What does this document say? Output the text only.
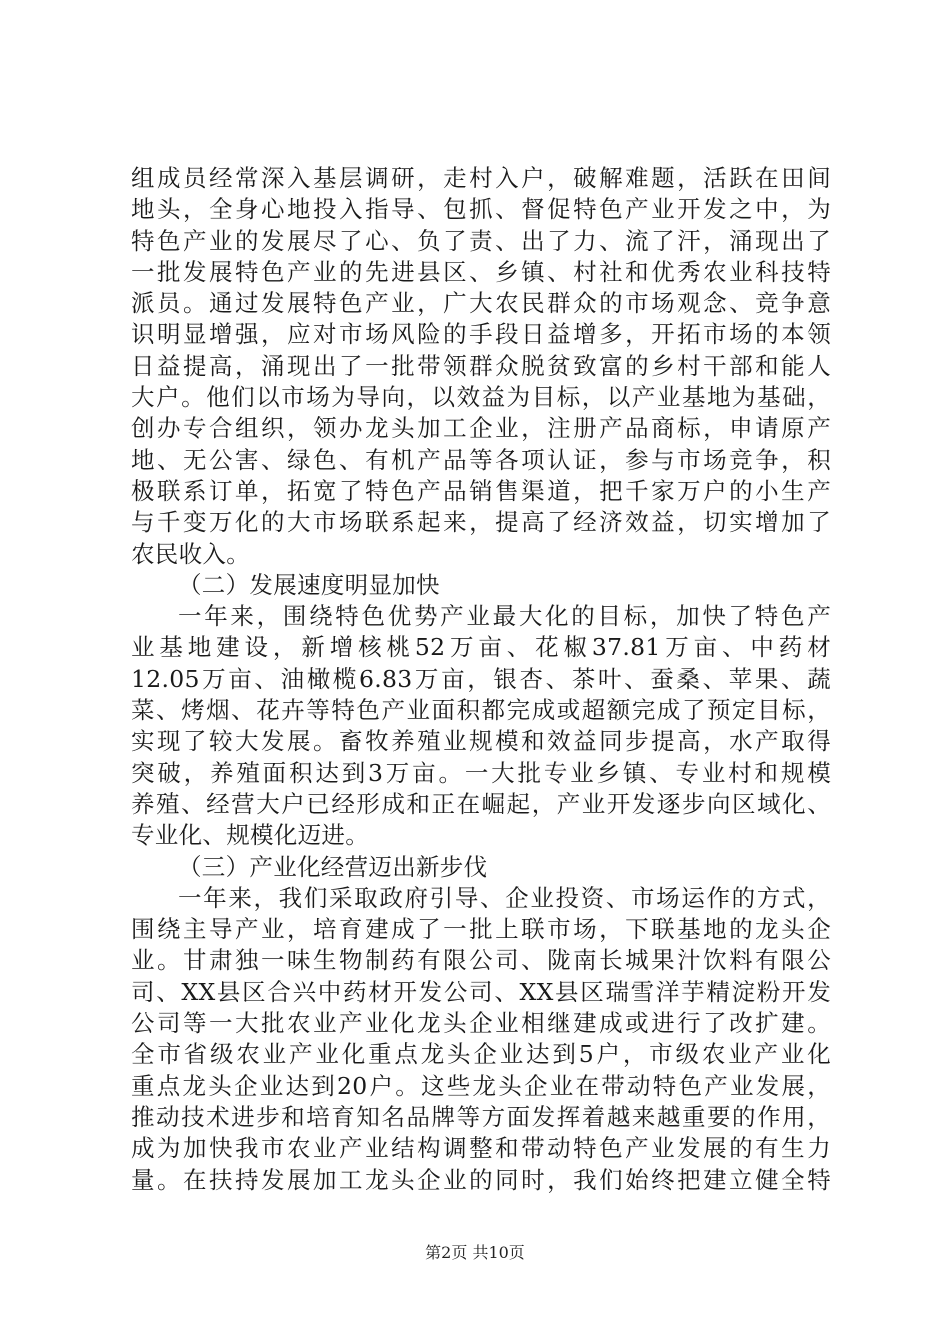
组成员经常深入基层调研，走村入户，破解难题，活跃在田间
地头，全身心地投入指导、包抓、督促特色产业开发之中，为
特色产业的发展尽了心、负了责、出了力、流了汗，涌现出了
一批发展特色产业的先进县区、乡镇、村社和优秀农业科技特
派员。通过发展特色产业，广大农民群众的市场观念、竞争意
识明显增强，应对市场风险的手段日益增多，开拓市场的本领
日益提高，涌现出了一批带领群众脱贫致富的乡村干部和能人
大户。他们以市场为导向，以效益为目标，以产业基地为基础，
创办专合组织，领办龙头加工企业，注册产品商标，申请原产
地、无公害、绿色、有机产品等各项认证，参与市场竞争，积
极联系订单，拓宽了特色产品销售渠道，把千家万户的小生产
与千变万化的大市场联系起来，提高了经济效益，切实增加了
农民收入。
（二）发展速度明显加快
一年来，围绕特色优势产业最大化的目标，加快了特色产
业基地建设，新增核桃52万亩、花椒37.81万亩、中药材
12.05万亩、油橄榄6.83万亩，银杏、茶叶、蚕桑、苹果、蔬
菜、烤烟、花卉等特色产业面积都完成或超额完成了预定目标，
实现了较大发展。畜牧养殖业规模和效益同步提高，水产取得
突破，养殖面积达到3万亩。一大批专业乡镇、专业村和规模
养殖、经营大户已经形成和正在崛起，产业开发逐步向区域化、
专业化、规模化迈进。
（三）产业化经营迈出新步伐
一年来，我们采取政府引导、企业投资、市场运作的方式，
围绕主导产业，培育建成了一批上联市场，下联基地的龙头企
业。甘肃独一味生物制药有限公司、陇南长城果汁饮料有限公
司、XX县区合兴中药材开发公司、XX县区瑞雪洋芋精淀粉开发
公司等一大批农业产业化龙头企业相继建成或进行了改扩建。
全市省级农业产业化重点龙头企业达到5户，市级农业产业化
重点龙头企业达到20户。这些龙头企业在带动特色产业发展，
推动技术进步和培育知名品牌等方面发挥着越来越重要的作用，
成为加快我市农业产业结构调整和带动特色产业发展的有生力
量。在扶持发展加工龙头企业的同时，我们始终把建立健全特
第2页 共10页
